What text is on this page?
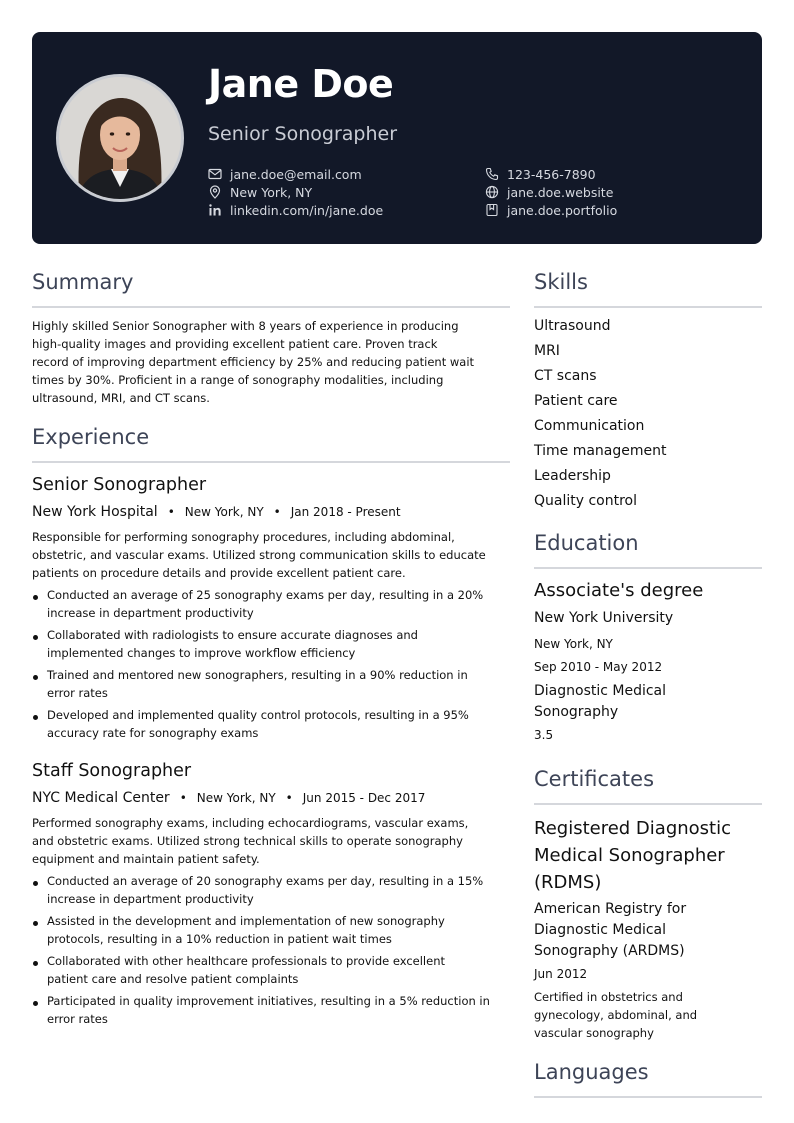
Jane Doe
Senior Sonographer
jane.doe@email.com
New York, NY
linkedin.com/in/jane.doe
123-456-7890
jane.doe.website
jane.doe.portfolio
Summary
Highly skilled Senior Sonographer with 8 years of experience in producing
high-quality images and providing excellent patient care. Proven track
record of improving department efficiency by 25% and reducing patient wait
times by 30%. Proficient in a range of sonography modalities, including
ultrasound, MRI, and CT scans.
Experience
Senior Sonographer
New York Hospital • New York, NY • Jan 2018 - Present
Responsible for performing sonography procedures, including abdominal,
obstetric, and vascular exams. Utilized strong communication skills to educate
patients on procedure details and provide excellent patient care.
Conducted an average of 25 sonography exams per day, resulting in a 20%
increase in department productivity
Collaborated with radiologists to ensure accurate diagnoses and
implemented changes to improve workflow efficiency
Trained and mentored new sonographers, resulting in a 90% reduction in
error rates
Developed and implemented quality control protocols, resulting in a 95%
accuracy rate for sonography exams
Staff Sonographer
NYC Medical Center • New York, NY • Jun 2015 - Dec 2017
Performed sonography exams, including echocardiograms, vascular exams,
and obstetric exams. Utilized strong technical skills to operate sonography
equipment and maintain patient safety.
Conducted an average of 20 sonography exams per day, resulting in a 15%
increase in department productivity
Assisted in the development and implementation of new sonography
protocols, resulting in a 10% reduction in patient wait times
Collaborated with other healthcare professionals to provide excellent
patient care and resolve patient complaints
Participated in quality improvement initiatives, resulting in a 5% reduction in
error rates
Skills
Ultrasound
MRI
CT scans
Patient care
Communication
Time management
Leadership
Quality control
Education
Associate's degree
New York University
New York, NY
Sep 2010 - May 2012
Diagnostic Medical
Sonography
3.5
Certificates
Registered Diagnostic
Medical Sonographer
(RDMS)
American Registry for
Diagnostic Medical
Sonography (ARDMS)
Jun 2012
Certified in obstetrics and
gynecology, abdominal, and
vascular sonography
Languages
